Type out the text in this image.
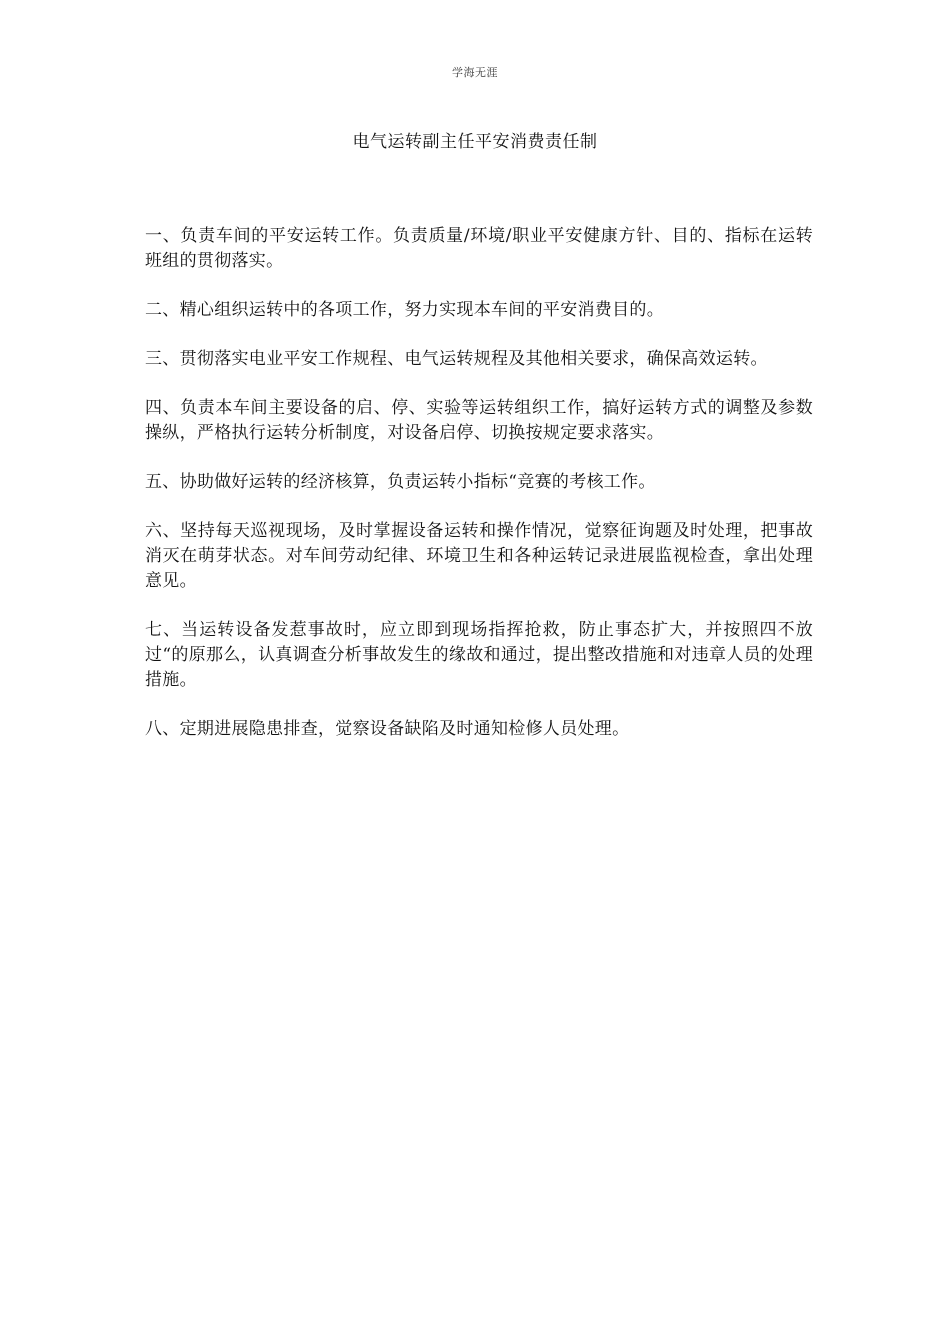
学海无涯
电气运转副主任平安消费责任制

一、负责车间的平安运转工作。负责质量/环境/职业平安健康方针、目的、指标在运转班组的贯彻落实。

二、精心组织运转中的各项工作，努力实现本车间的平安消费目的。

三、贯彻落实电业平安工作规程、电气运转规程及其他相关要求，确保高效运转。

四、负责本车间主要设备的启、停、实验等运转组织工作，搞好运转方式的调整及参数操纵，严格执行运转分析制度，对设备启停、切换按规定要求落实。

五、协助做好运转的经济核算，负责运转小指标“竞赛的考核工作。

六、坚持每天巡视现场，及时掌握设备运转和操作情况，觉察征询题及时处理，把事故消灭在萌芽状态。对车间劳动纪律、环境卫生和各种运转记录进展监视检查，拿出处理意见。

七、当运转设备发惹事故时，应立即到现场指挥抢救，防止事态扩大，并按照四不放过“的原那么，认真调查分析事故发生的缘故和通过，提出整改措施和对违章人员的处理措施。

八、定期进展隐患排查，觉察设备缺陷及时通知检修人员处理。
